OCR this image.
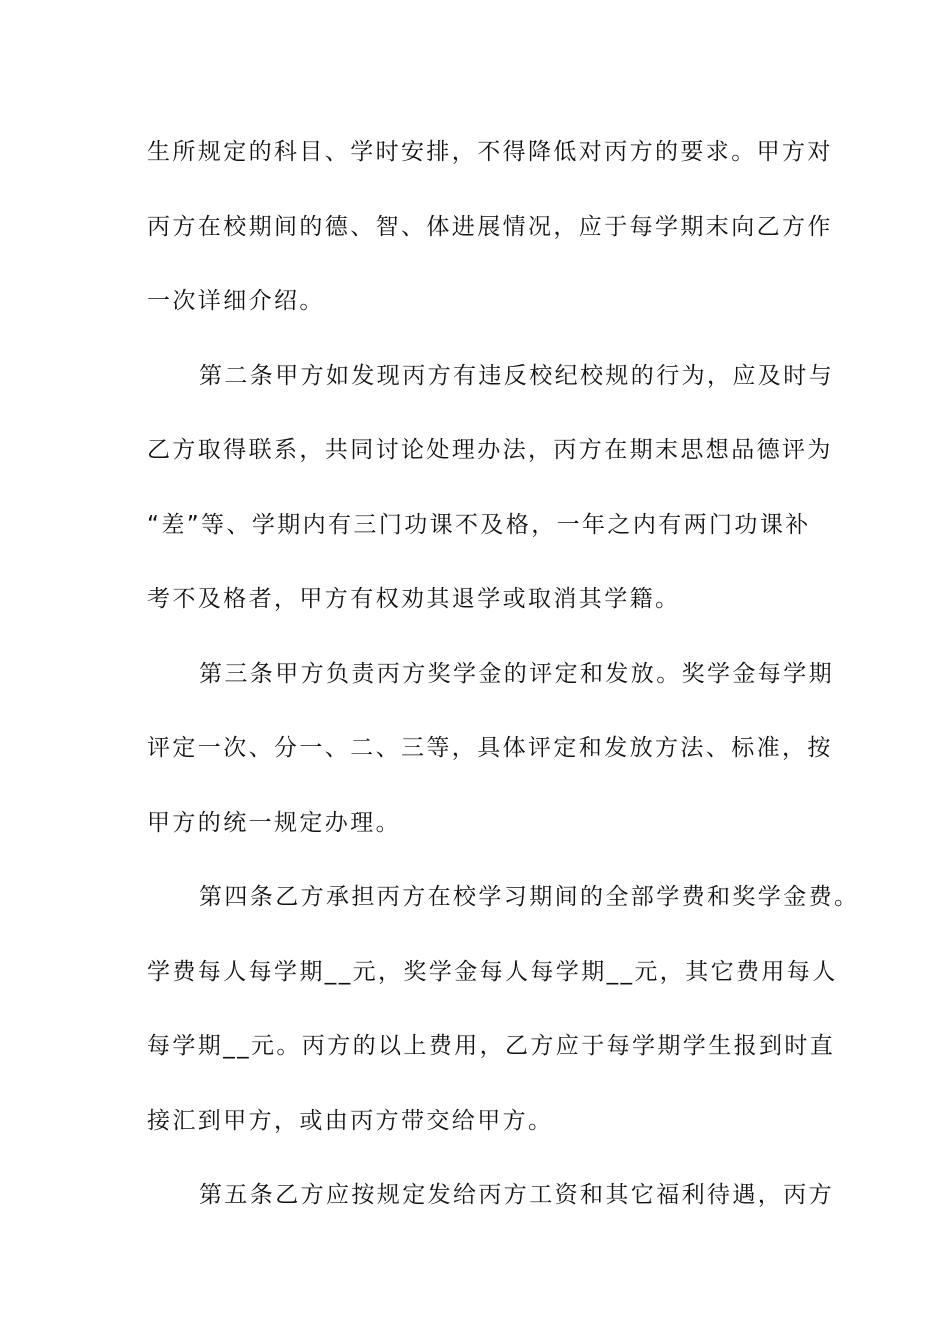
生所规定的科目、学时安排，不得降低对丙方的要求。甲方对
丙方在校期间的德、智、体进展情况，应于每学期末向乙方作
一次详细介绍。
第二条甲方如发现丙方有违反校纪校规的行为，应及时与
乙方取得联系，共同讨论处理办法，丙方在期末思想品德评为
“差”等、学期内有三门功课不及格，一年之内有两门功课补
考不及格者，甲方有权劝其退学或取消其学籍。
第三条甲方负责丙方奖学金的评定和发放。奖学金每学期
评定一次、分一、二、三等，具体评定和发放方法、标准，按
甲方的统一规定办理。
第四条乙方承担丙方在校学习期间的全部学费和奖学金费。
学费每人每学期__元，奖学金每人每学期__元，其它费用每人
每学期__元。丙方的以上费用，乙方应于每学期学生报到时直
接汇到甲方，或由丙方带交给甲方。
第五条乙方应按规定发给丙方工资和其它福利待遇，丙方
